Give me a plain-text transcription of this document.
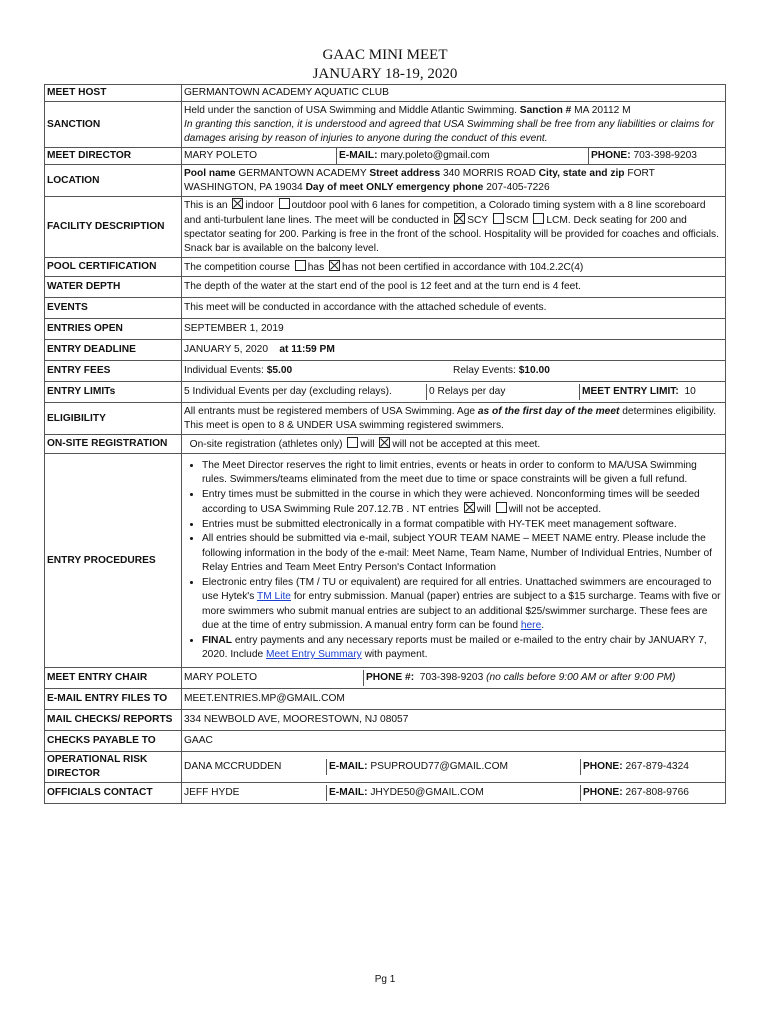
GAAC MINI MEET
JANUARY 18-19, 2020
MEET HOST	GERMANTOWN ACADEMY AQUATIC CLUB
SANCTION	Held under the sanction of USA Swimming and Middle Atlantic Swimming. Sanction # MA 20112 M
In granting this sanction, it is understood and agreed that USA Swimming shall be free from any liabilities or claims for damages arising by reason of injuries to anyone during the conduct of this event.
MEET DIRECTOR		MARY POLETO	E-MAIL: mary.poleto@gmail.com	PHONE: 703-398-9203

LOCATION	Pool name GERMANTOWN ACADEMY Street address 340 MORRIS ROAD City, state and zip FORT WASHINGTON, PA 19034 Day of meet ONLY emergency phone 207-405-7226
FACILITY DESCRIPTION	This is an indoor outdoor pool with 6 lanes for competition, a Colorado timing system with a 8 line scoreboard and anti-turbulent lane lines. The meet will be conducted in SCY SCM LCM. Deck seating for 200 and spectator seating for 200. Parking is free in the front of the school. Hospitality will be provided for coaches and officials. Snack bar is available on the balcony level.
POOL CERTIFICATION	The competition course has has not been certified in accordance with 104.2.2C(4)
WATER DEPTH	The depth of the water at the start end of the pool is 12 feet and at the turn end is 4 feet.
EVENTS	This meet will be conducted in accordance with the attached schedule of events.
ENTRIES OPEN	SEPTEMBER 1, 2019
ENTRY DEADLINE	JANUARY 5, 2020 at 11:59 PM
ENTRY FEES		Individual Events: $5.00	Relay Events: $10.00

ENTRY LIMITs		5 Individual Events per day (excluding relays).	0 Relays per day	MEET ENTRY LIMIT: 10

ELIGIBILITY	All entrants must be registered members of USA Swimming. Age as of the first day of the meet determines eligibility. This meet is open to 8 & UNDER USA swimming registered swimmers.
ON-SITE REGISTRATION	On-site registration (athletes only) will will not be accepted at this meet.
ENTRY PROCEDURES	
• The Meet Director reserves the right to limit entries, events or heats in order to conform to MA/USA Swimming rules. Swimmers/teams eliminated from the meet due to time or space constraints will be given a full refund.
• Entry times must be submitted in the course in which they were achieved. Nonconforming times will be seeded according to USA Swimming Rule 207.12.7B . NT entries will will not be accepted.
• Entries must be submitted electronically in a format compatible with HY-TEK meet management software.
• All entries should be submitted via e-mail, subject YOUR TEAM NAME – MEET NAME entry. Please include the following information in the body of the e-mail: Meet Name, Team Name, Number of Individual Entries, Number of Relay Entries and Team Meet Entry Person's Contact Information
• Electronic entry files (TM / TU or equivalent) are required for all entries. Unattached swimmers are encouraged to use Hytek's TM Lite for entry submission. Manual (paper) entries are subject to a $15 surcharge. Teams with five or more swimmers who submit manual entries are subject to an additional $25/swimmer surcharge. These fees are due at the time of entry submission. A manual entry form can be found here.
• FINAL entry payments and any necessary reports must be mailed or e-mailed to the entry chair by JANUARY 7, 2020. Include Meet Entry Summary with payment.

MEET ENTRY CHAIR		MARY POLETO	PHONE #: 703-398-9203 (no calls before 9:00 AM or after 9:00 PM)

E-MAIL ENTRY FILES TO	MEET.ENTRIES.MP@GMAIL.COM
MAIL CHECKS/ REPORTS	334 NEWBOLD AVE, MOORESTOWN, NJ 08057
CHECKS PAYABLE TO	GAAC
OPERATIONAL RISK DIRECTOR	
DANA MCCRUDDEN	E-MAIL: PSUPROUD77@GMAIL.COM	PHONE: 267-879-4324

OFFICIALS CONTACT		JEFF HYDE	E-MAIL: JHYDE50@GMAIL.COM	PHONE: 267-808-9766
Pg 1
